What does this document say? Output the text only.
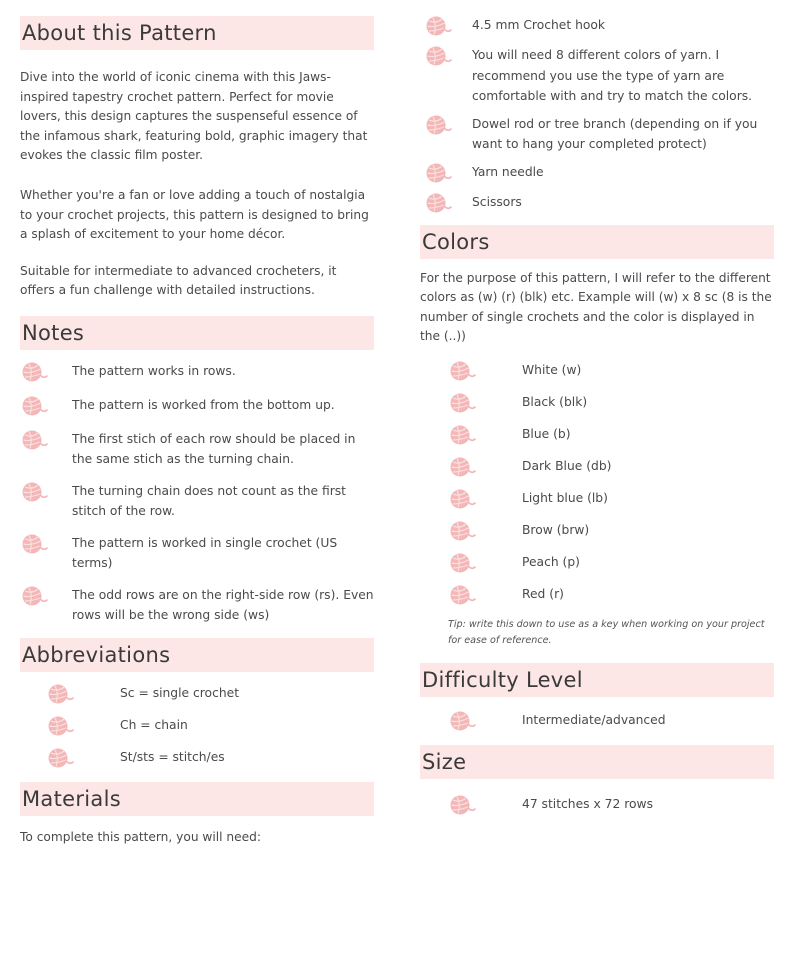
About this Pattern

Dive into the world of iconic cinema with this Jaws-inspired tapestry crochet pattern. Perfect for movie lovers, this design captures the suspenseful essence of the infamous shark, featuring bold, graphic imagery that evokes the classic film poster.

Whether you're a fan or love adding a touch of nostalgia to your crochet projects, this pattern is designed to bring a splash of excitement to your home décor.

Suitable for intermediate to advanced crocheters, it offers a fun challenge with detailed instructions.

Notes
The pattern works in rows.
The pattern is worked from the bottom up.
The first stich of each row should be placed in the same stich as the turning chain.
The turning chain does not count as the first stitch of the row.
The pattern is worked in single crochet (US terms)
The odd rows are on the right-side row (rs). Even rows will be the wrong side (ws)
Abbreviations
Sc = single crochet
Ch = chain
St/sts = stitch/es
Materials

To complete this pattern, you will need:

4.5 mm Crochet hook
You will need 8 different colors of yarn. I recommend you use the type of yarn are comfortable with and try to match the colors.
Dowel rod or tree branch (depending on if you want to hang your completed protect)
Yarn needle
Scissors
Colors

For the purpose of this pattern, I will refer to the different colors as (w) (r) (blk) etc. Example will (w) x 8 sc (8 is the number of single crochets and the color is displayed in the (..))

White (w)
Black (blk)
Blue (b)
Dark Blue (db)
Light blue (lb)
Brow (brw)
Peach (p)
Red (r)

Tip: write this down to use as a key when working on your project for ease of reference.

Difficulty Level
Intermediate/advanced
Size
47 stitches x 72 rows
